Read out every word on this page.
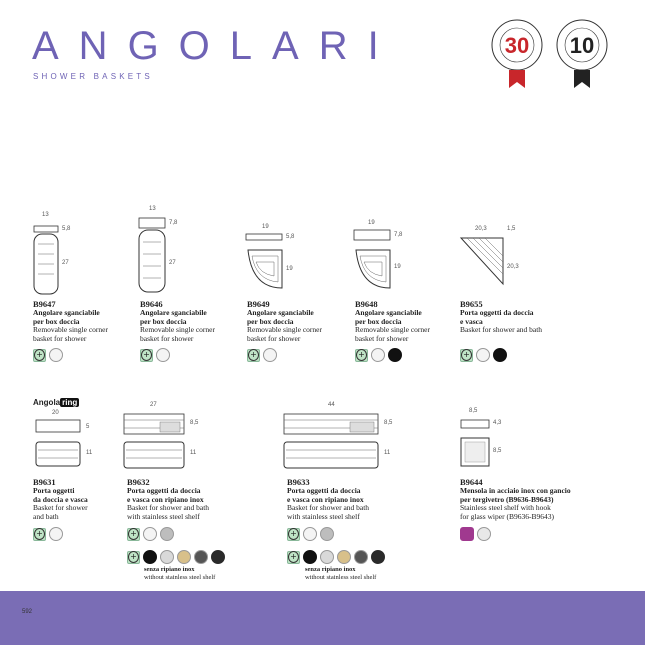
ANGOLARI
SHOWER BASKETS
30 10
13
5,8
27
13
7,8
27
19
5,8
19
19
7,8
19
20,3	1,5
20,3
B9647
Angolare sganciabile
per box doccia
Removable single corner
basket for shower
B9646
Angolare sganciabile
per box doccia
Removable single corner
basket for shower
B9649
Angolare sganciabile
per box doccia
Removable single corner
basket for shower
B9648
Angolare sganciabile
per box doccia
Removable single corner
basket for shower
B9655
Porta oggetti da doccia
e vasca
Basket for shower and bath
+	+	+	+	+
Angola ring
20
5
11
27
8,5
11
44
8,5
11
8,5
4,3
8,5
B9631
Porta oggetti
da doccia e vasca
Basket for shower
and bath
B9632
Porta oggetti da doccia
e vasca con ripiano inox
Basket for shower and bath
with stainless steel shelf
B9633
Porta oggetti da doccia
e vasca con ripiano inox
Basket for shower and bath
with stainless steel shelf
B9644
Mensola in acciaio inox con gancio
per tergivetro (B9636-B9643)
Stainless steel shelf with hook
for glass wiper (B9636-B9643)
+	+	+
+	+
senza ripiano inox
without stainless steel shelf
senza ripiano inox
without stainless steel shelf
592
